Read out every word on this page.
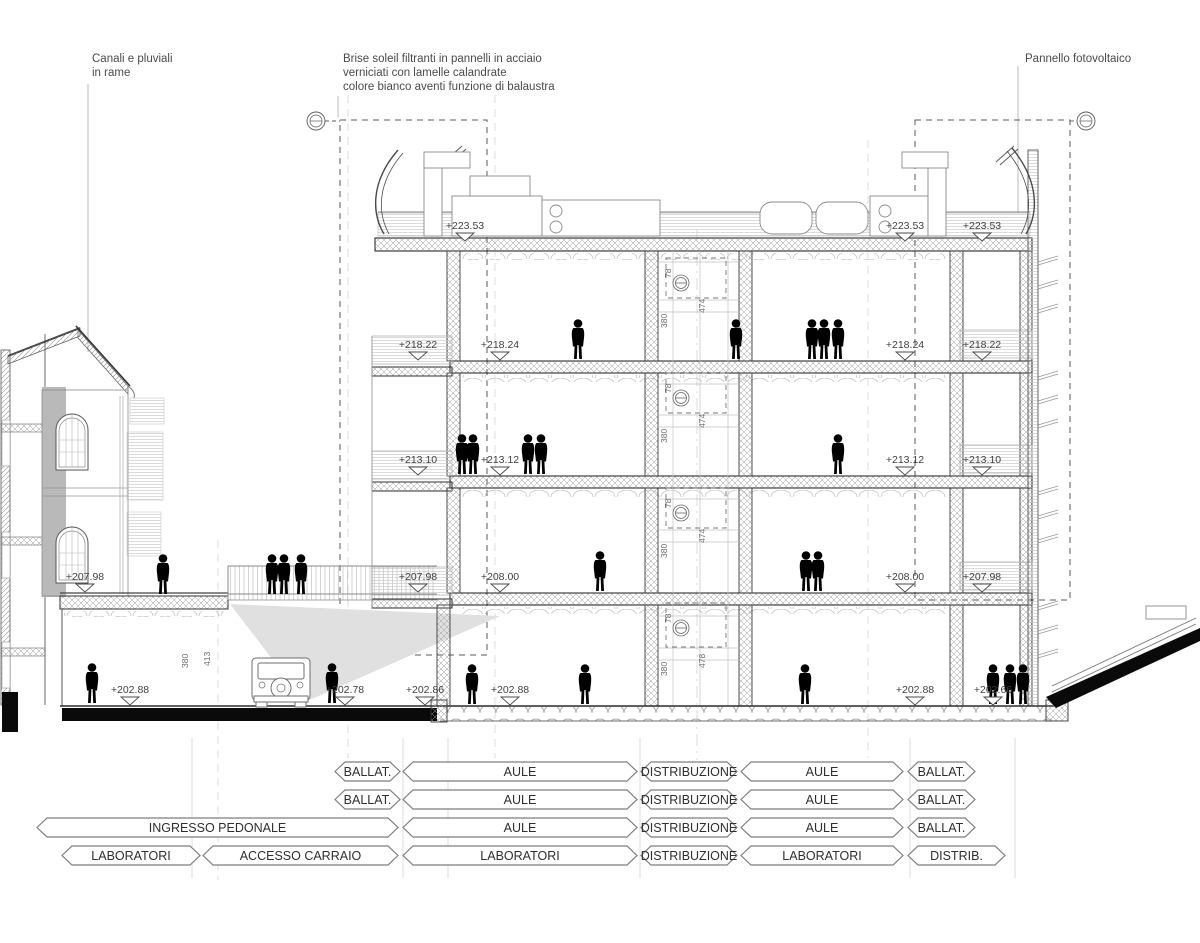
Canali e pluviali
in rame
Brise soleil filtranti in pannelli in acciaio
verniciati con lamelle calandrate
colore bianco aventi funzione di balaustra
Pannello fotovoltaico
380
380
380
380
474
474
474
478
78
78
78
78
380 413
+223.53	+223.53	+223.53
+218.22	+218.24	+218.24	+218.22
+213.10	+213.12	+213.12	+213.10
+207.98	+208.00	+208.00	+207.98
+207.98
+202.88	+202.78	+202.86	+202.88	+202.88	+202.66
BALLAT.	AULE	DISTRIBUZIONE	AULE	BALLAT.
BALLAT.	AULE	DISTRIBUZIONE	AULE	BALLAT.
INGRESSO PEDONALE	AULE	DISTRIBUZIONE	AULE	BALLAT.
LABORATORI	ACCESSO CARRAIO	LABORATORI	DISTRIBUZIONE	LABORATORI	DISTRIB.
